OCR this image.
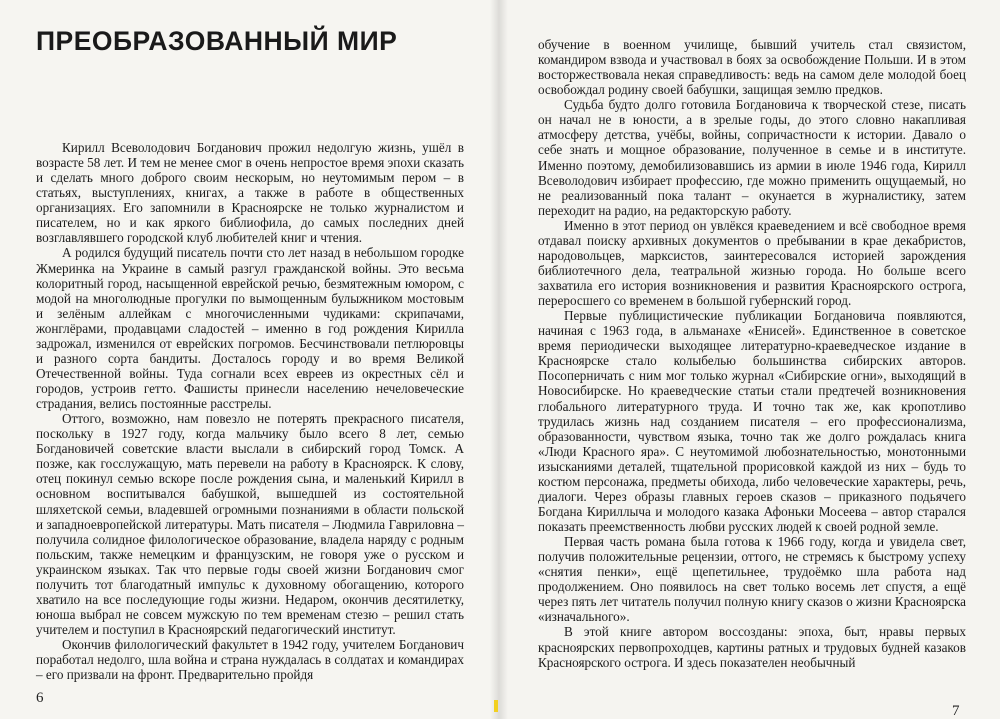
ПРЕОБРАЗОВАННЫЙ МИР

Кирилл Всеволодович Богданович прожил недолгую жизнь, ушёл в возрасте 58 лет. И тем не менее смог в очень непростое время эпохи сказать и сделать много доброго своим нескорым, но неутомимым пером – в статьях, выступлениях, книгах, а также в работе в общественных организациях. Его запомнили в Красноярске не только журналистом и писателем, но и как яркого библиофила, до самых последних дней возглавлявшего городской клуб любителей книг и чтения.

А родился будущий писатель почти сто лет назад в небольшом городке Жмеринка на Украине в самый разгул гражданской войны. Это весьма колоритный город, насыщенной еврейской речью, безмятежным юмором, с модой на многолюдные прогулки по вымощенным булыжником мостовым и зелёным аллейкам с многочисленными чудиками: скрипачами, жонглёрами, продавцами сладостей – именно в год рождения Кирилла задрожал, изменился от еврейских погромов. Бесчинствовали петлюровцы и разного сорта бандиты. Досталось городу и во время Великой Отечественной войны. Туда согнали всех евреев из окрестных сёл и городов, устроив гетто. Фашисты принесли населению нечеловеческие страдания, велись постоянные расстрелы.

Оттого, возможно, нам повезло не потерять прекрасного писателя, поскольку в 1927 году, когда мальчику было всего 8 лет, семью Богдановичей советские власти выслали в сибирский город Томск. А позже, как госслужащую, мать перевели на работу в Красноярск. К слову, отец покинул семью вскоре после рождения сына, и маленький Кирилл в основном воспитывался бабушкой, вышедшей из состоятельной шляхетской семьи, владевшей огромными познаниями в области польской и западноевропейской литературы. Мать писателя – Людмила Гавриловна – получила солидное филологическое образование, владела наряду с родным польским, также немецким и французским, не говоря уже о русском и украинском языках. Так что первые годы своей жизни Богданович смог получить тот благодатный импульс к духовному обогащению, которого хватило на все последующие годы жизни. Недаром, окончив десятилетку, юноша выбрал не совсем мужскую по тем временам стезю – решил стать учителем и поступил в Красноярский педагогический институт.

Окончив филологический факультет в 1942 году, учителем Богданович поработал недолго, шла война и страна нуждалась в солдатах и командирах – его призвали на фронт. Предварительно пройдя

6

обучение в военном училище, бывший учитель стал связистом, командиром взвода и участвовал в боях за освобождение Польши. И в этом восторжествовала некая справедливость: ведь на самом деле молодой боец освобождал родину своей бабушки, защищая землю предков.

Судьба будто долго готовила Богдановича к творческой стезе, писать он начал не в юности, а в зрелые годы, до этого словно накапливая атмосферу детства, учёбы, войны, сопричастности к истории. Давало о себе знать и мощное образование, полученное в семье и в институте. Именно поэтому, демобилизовавшись из армии в июле 1946 года, Кирилл Всеволодович избирает профессию, где можно применить ощущаемый, но не реализованный пока талант – окунается в журналистику, затем переходит на радио, на редакторскую работу.

Именно в этот период он увлёкся краеведением и всё свободное время отдавал поиску архивных документов о пребывании в крае декабристов, народовольцев, марксистов, заинтересовался историей зарождения библиотечного дела, театральной жизнью города. Но больше всего захватила его история возникновения и развития Красноярского острога, переросшего со временем в большой губернский город.

Первые публицистические публикации Богдановича появляются, начиная с 1963 года, в альманахе «Енисей». Единственное в советское время периодически выходящее литературно-краеведческое издание в Красноярске стало колыбелью большинства сибирских авторов. Посоперничать с ним мог только журнал «Сибирские огни», выходящий в Новосибирске. Но краеведческие статьи стали предтечей возникновения глобального литературного труда. И точно так же, как кропотливо трудилась жизнь над созданием писателя – его профессионализма, образованности, чувством языка, точно так же долго рождалась книга «Люди Красного яра». С неутомимой любознательностью, монотонными изысканиями деталей, тщательной прорисовкой каждой из них – будь то костюм персонажа, предметы обихода, либо человеческие характеры, речь, диалоги. Через образы главных героев сказов – приказного подьячего Богдана Кириллыча и молодого казака Афоньки Мосеева – автор старался показать преемственность любви русских людей к своей родной земле.

Первая часть романа была готова к 1966 году, когда и увидела свет, получив положительные рецензии, оттого, не стремясь к быстрому успеху «снятия пенки», ещё щепетильнее, трудоёмко шла работа над продолжением. Оно появилось на свет только восемь лет спустя, а ещё через пять лет читатель получил полную книгу сказов о жизни Красноярска «изначального».

В этой книге автором воссозданы: эпоха, быт, нравы первых красноярских первопроходцев, картины ратных и трудовых будней казаков Красноярского острога. И здесь показателен необычный

7
